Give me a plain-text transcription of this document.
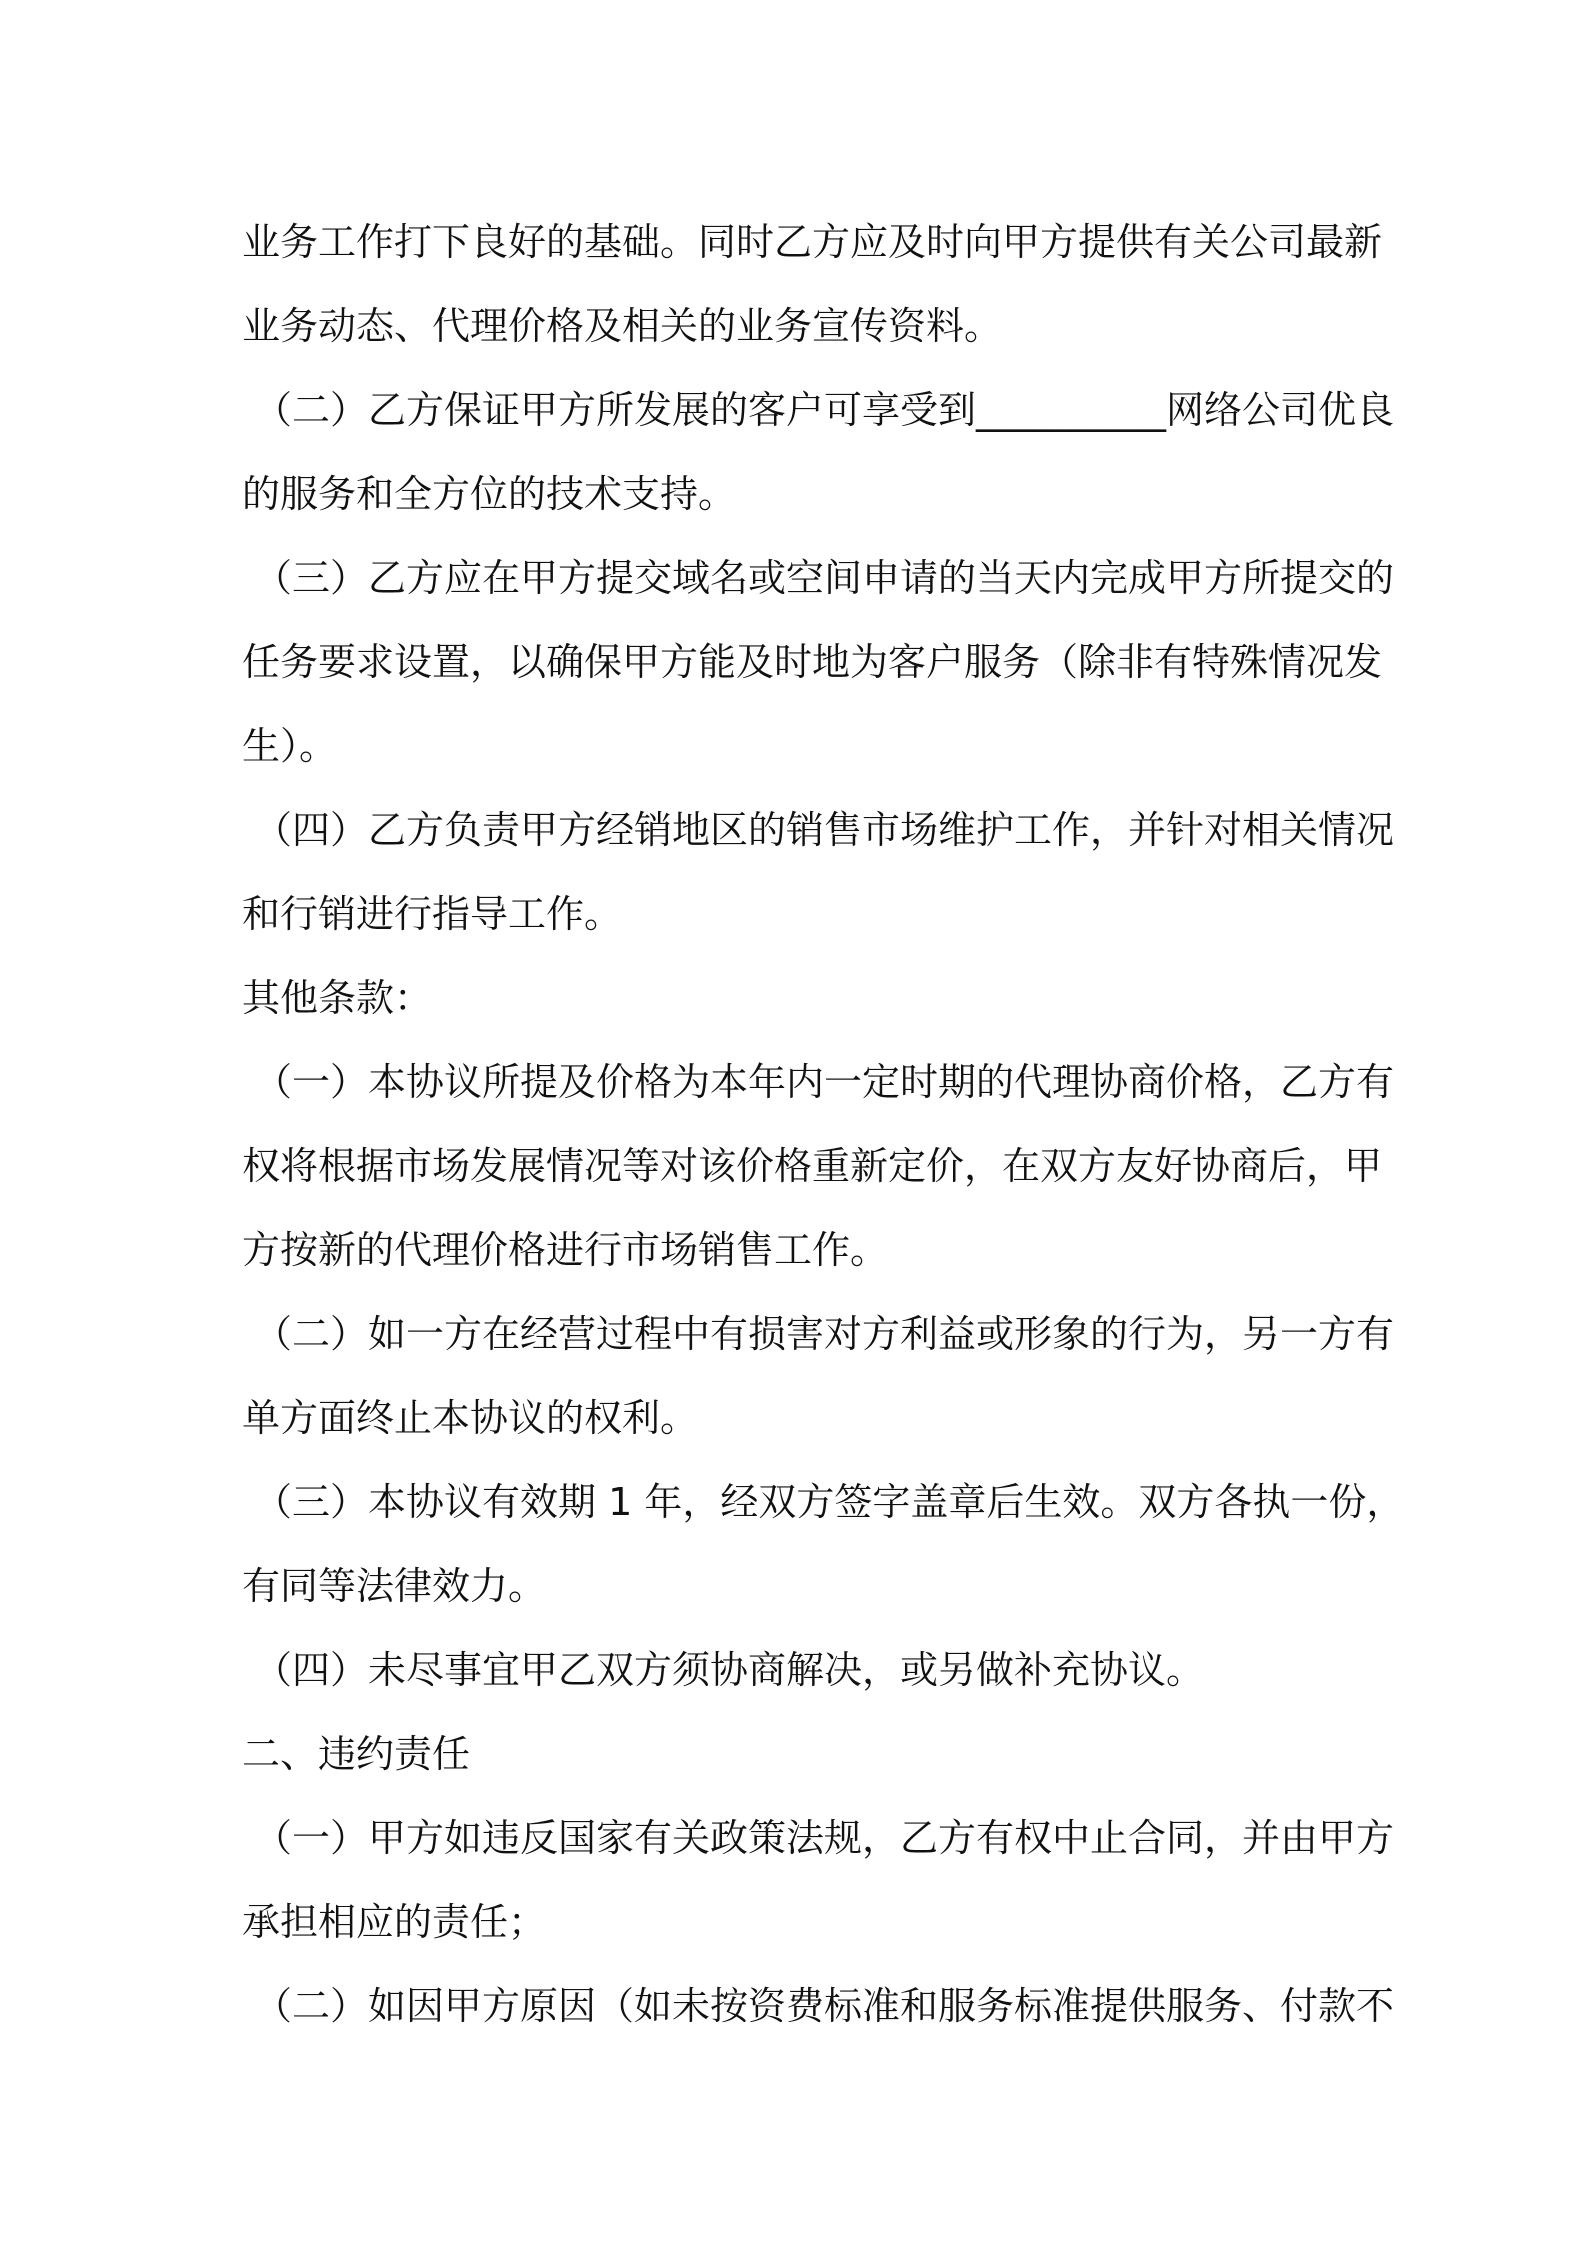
业务工作打下良好的基础。同时乙方应及时向甲方提供有关公司最新
业务动态、代理价格及相关的业务宣传资料。
（二）乙方保证甲方所发展的客户可享受到__________网络公司优良
的服务和全方位的技术支持。
（三）乙方应在甲方提交域名或空间申请的当天内完成甲方所提交的
任务要求设置，以确保甲方能及时地为客户服务（除非有特殊情况发
生）。
（四）乙方负责甲方经销地区的销售市场维护工作，并针对相关情况
和行销进行指导工作。
其他条款：
（一）本协议所提及价格为本年内一定时期的代理协商价格，乙方有
权将根据市场发展情况等对该价格重新定价，在双方友好协商后，甲
方按新的代理价格进行市场销售工作。
（二）如一方在经营过程中有损害对方利益或形象的行为，另一方有
单方面终止本协议的权利。
（三）本协议有效期 1 年，经双方签字盖章后生效。双方各执一份，
有同等法律效力。
（四）未尽事宜甲乙双方须协商解决，或另做补充协议。
二、违约责任
（一）甲方如违反国家有关政策法规，乙方有权中止合同，并由甲方
承担相应的责任；
（二）如因甲方原因（如未按资费标准和服务标准提供服务、付款不
